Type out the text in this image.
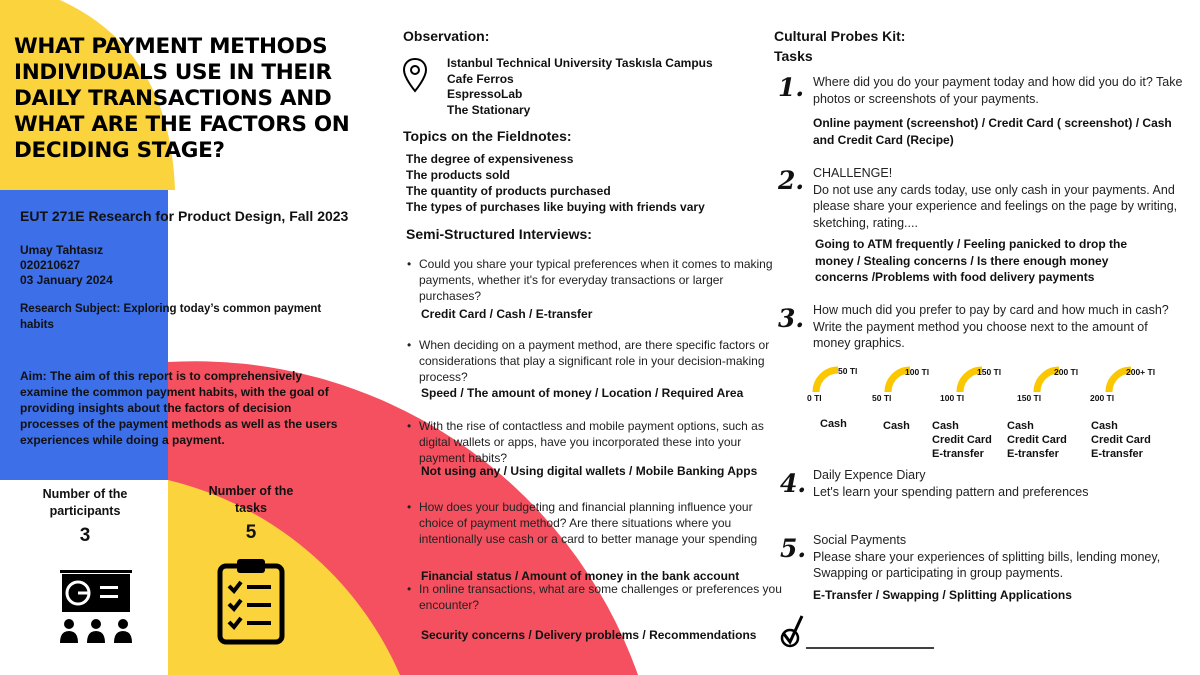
WHAT PAYMENT METHODS INDIVIDUALS USE IN THEIR DAILY TRANSACTIONS AND WHAT ARE THE FACTORS ON DECIDING STAGE?
EUT 271E Research for Product Design, Fall 2023
Umay Tahtasız
020210627
03 January 2024
Research Subject: Exploring today’s common payment habits
Aim: The aim of this report is to comprehensively examine the common payment habits, with the goal of providing insights about the factors of decision processes of the payment methods as well as the users experiences while doing a payment.
Number of the participants
3
Number of the tasks
5
Observation:
Istanbul Technical University Taskısla Campus
Cafe Ferros
EspressoLab
The Stationary
Topics on the Fieldnotes:
The degree of expensiveness
The products sold
The quantity of products purchased
The types of purchases like buying with friends vary
Semi-Structured Interviews:
• Could you share your typical preferences when it comes to making payments, whether it's for everyday transactions or larger purchases?
Credit Card / Cash / E-transfer
• When deciding on a payment method, are there specific factors or considerations that play a significant role in your decision-making process?
Speed / The amount of money / Location / Required Area
• With the rise of contactless and mobile payment options, such as digital wallets or apps, have you incorporated these into your payment habits?
Not using any / Using digital wallets / Mobile Banking Apps
• How does your budgeting and financial planning influence your choice of payment method? Are there situations where you intentionally use cash or a card to better manage your spending
Financial status / Amount of money in the bank account
• In online transactions, what are some challenges or preferences you encounter?
Security concerns / Delivery problems / Recommendations
Cultural Probes Kit:
Tasks
1. Where did you do your payment today and how did you do it? Take photos or screenshots of your payments.
Online payment (screenshot) / Credit Card ( screenshot) / Cash and Credit Card (Recipe)
2. CHALLENGE!
Do not use any cards today, use only cash in your payments. And please share your experience and feelings on the page by writing, sketching, rating....
Going to ATM frequently / Feeling panicked to drop the money / Stealing concerns / Is there enough money concerns /Problems with food delivery payments
3. How much did you prefer to pay by card and how much in cash? Write the payment method you choose next to the amount of money graphics.
50 Tl
0 Tl
100 Tl
50 Tl
150 Tl
100 Tl
200 Tl
150 Tl
200+ Tl
200 Tl
Cash	Cash Cash
Credit Card
E-transfer
Cash
Credit Card
E-transfer
Cash
Credit Card
E-transfer
4. Daily Expence Diary
Let's learn your spending pattern and preferences
5. Social Payments
Please share your experiences of splitting bills, lending money, Swapping or participating in group payments.
E-Transfer / Swapping / Splitting Applications
